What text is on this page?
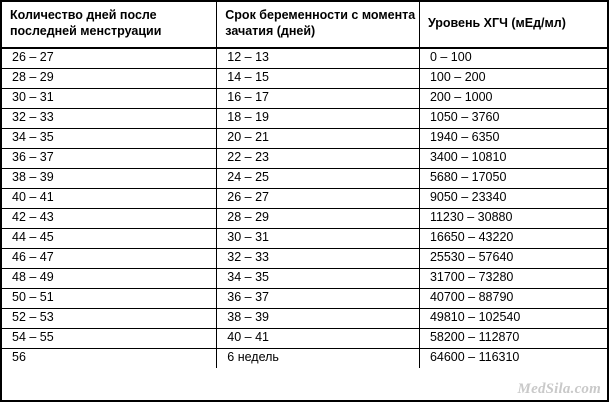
Количество дней после последней менструации	Срок беременности с момента зачатия (дней)	Уровень ХГЧ (мЕд/мл)
26 – 27	12 – 13	0 – 100
28 – 29	14 – 15	100 – 200
30 – 31	16 – 17	200 – 1000
32 – 33	18 – 19	1050 – 3760
34 – 35	20 – 21	1940 – 6350
36 – 37	22 – 23	3400 – 10810
38 – 39	24 – 25	5680 – 17050
40 – 41	26 – 27	9050 – 23340
42 – 43	28 – 29	11230 – 30880
44 – 45	30 – 31	16650 – 43220
46 – 47	32 – 33	25530 – 57640
48 – 49	34 – 35	31700 – 73280
50 – 51	36 – 37	40700 – 88790
52 – 53	38 – 39	49810 – 102540
54 – 55	40 – 41	58200 – 112870
56	6 недель	64600 – 116310
MedSila.com
